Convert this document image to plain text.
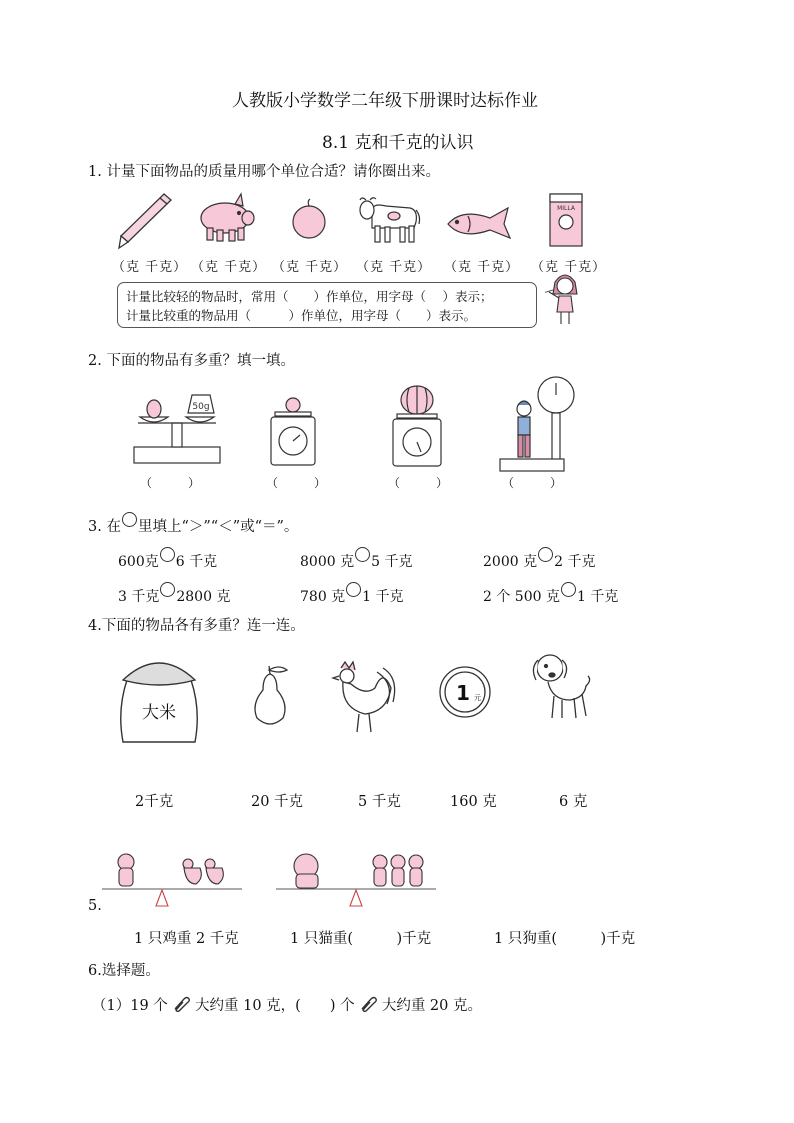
人教版小学数学二年级下册课时达标作业
8.1 克和千克的认识
1. 计量下面物品的质量用哪个单位合适？请你圈出来。
MILLA
（克 千克） （克 千克） （克 千克） （克 千克） （克 千克） （克 千克）
计量比较轻的物品时，常用（　　）作单位，用字母（　 ）表示；
计量比较重的物品用（　　　）作单位，用字母（　　）表示。
2. 下面的物品有多重？填一填。
50g
（　　　）	（　　　）	（　　　）	（　　　）
3. 在 里填上“＞”“＜”或“＝”。
600克 6 千克	8000 克 5 千克	2000 克 2 千克
3 千克 2800 克	780 克 1 千克	2 个 500 克 1 千克
4.下面的物品各有多重？连一连。
大米
1 元
2千克	20 千克	5 千克	160 克	6 克
5.
1 只鸡重 2 千克	1 只猫重(　　　)千克	1 只狗重(　　　)千克
6.选择题。
（1）19 个 大约重 10 克，(　　) 个 大约重 20 克。
